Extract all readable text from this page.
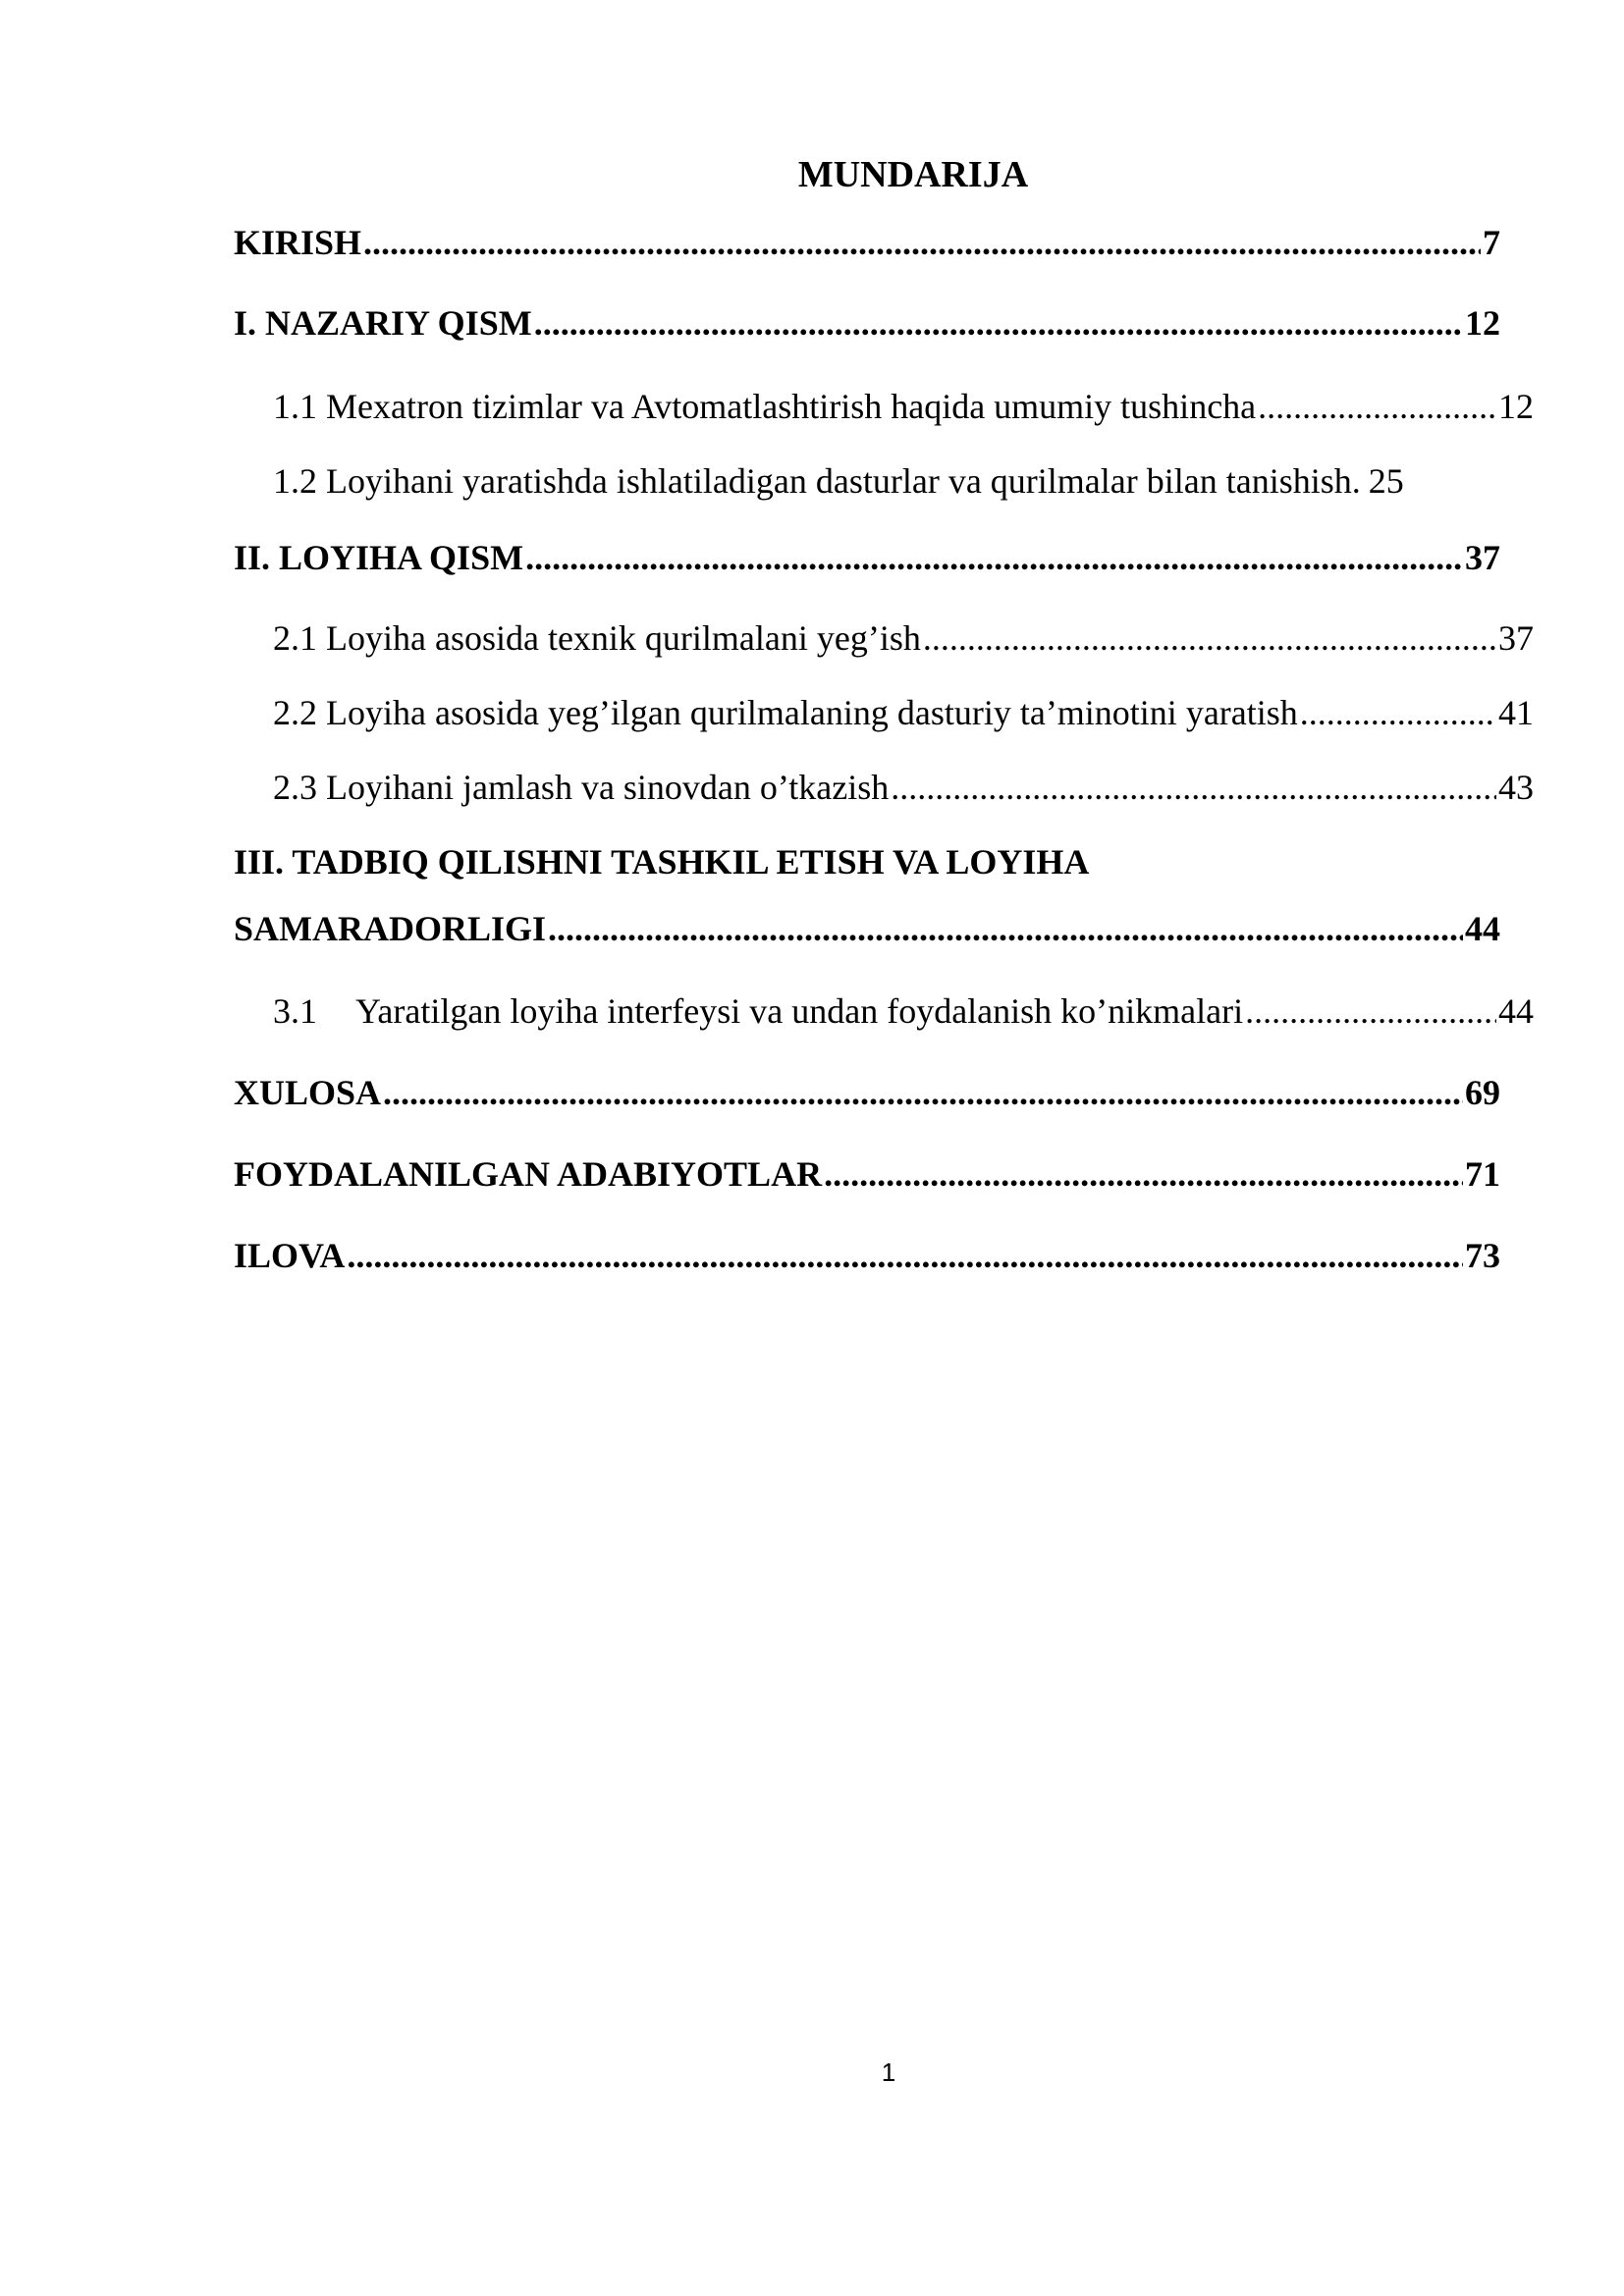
MUNDARIJA
KIRISH .....	7
I. NAZARIY QISM .....	12
1.1 Mexatron tizimlar va Avtomatlashtirish haqida umumiy tushincha .....	12
1.2 Loyihani yaratishda ishlatiladigan dasturlar va qurilmalar bilan tanishish. 25
II. LOYIHA QISM .....	37
2.1 Loyiha asosida texnik qurilmalani yeg’ish .....	37
2.2 Loyiha asosida yeg’ilgan qurilmalaning dasturiy ta’minotini yaratish .....	41
2.3 Loyihani jamlash va sinovdan o’tkazish .....	43
III. TADBIQ QILISHNI TASHKIL ETISH VA LOYIHA
SAMARADORLIGI .....	44
3.1 Yaratilgan loyiha interfeysi va undan foydalanish ko’nikmalari .....	44
XULOSA .....	69
FOYDALANILGAN ADABIYOTLAR .....	71
ILOVA .....	73
1
